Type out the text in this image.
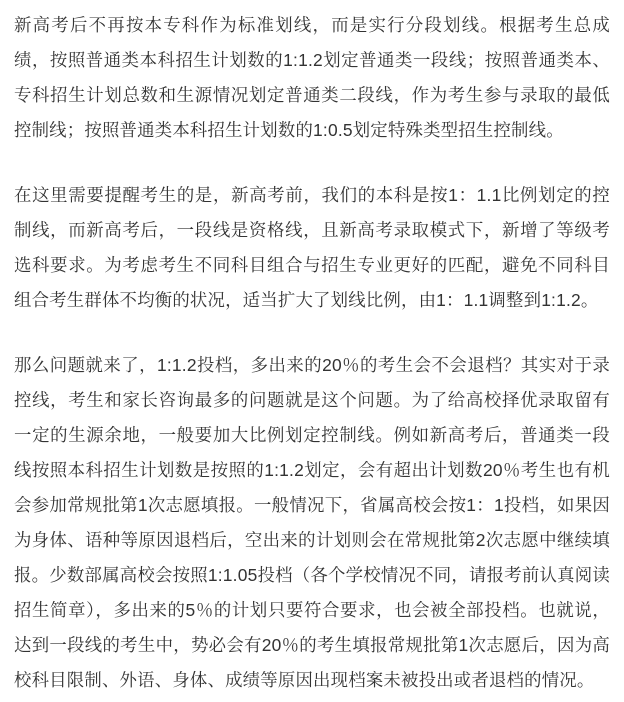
新高考后不再按本专科作为标准划线，而是实行分段划线。根据考生总成绩，按照普通类本科招生计划数的1:1.2划定普通类一段线；按照普通类本、专科招生计划总数和生源情况划定普通类二段线，作为考生参与录取的最低控制线；按照普通类本科招生计划数的1:0.5划定特殊类型招生控制线。

在这里需要提醒考生的是，新高考前，我们的本科是按1：1.1比例划定的控制线，而新高考后，一段线是资格线，且新高考录取模式下，新增了等级考选科要求。为考虑考生不同科目组合与招生专业更好的匹配，避免不同科目组合考生群体不均衡的状况，适当扩大了划线比例，由1：1.1调整到1:1.2。

那么问题就来了，1:1.2投档，多出来的20％的考生会不会退档？其实对于录控线，考生和家长咨询最多的问题就是这个问题。为了给高校择优录取留有一定的生源余地，一般要加大比例划定控制线。例如新高考后，普通类一段线按照本科招生计划数是按照的1:1.2划定，会有超出计划数20％考生也有机会参加常规批第1次志愿填报。一般情况下，省属高校会按1：1投档，如果因为身体、语种等原因退档后，空出来的计划则会在常规批第2次志愿中继续填报。少数部属高校会按照1:1.05投档（各个学校情况不同，请报考前认真阅读招生简章），多出来的5％的计划只要符合要求，也会被全部投档。也就说，达到一段线的考生中，势必会有20％的考生填报常规批第1次志愿后，因为高校科目限制、外语、身体、成绩等原因出现档案未被投出或者退档的情况。
